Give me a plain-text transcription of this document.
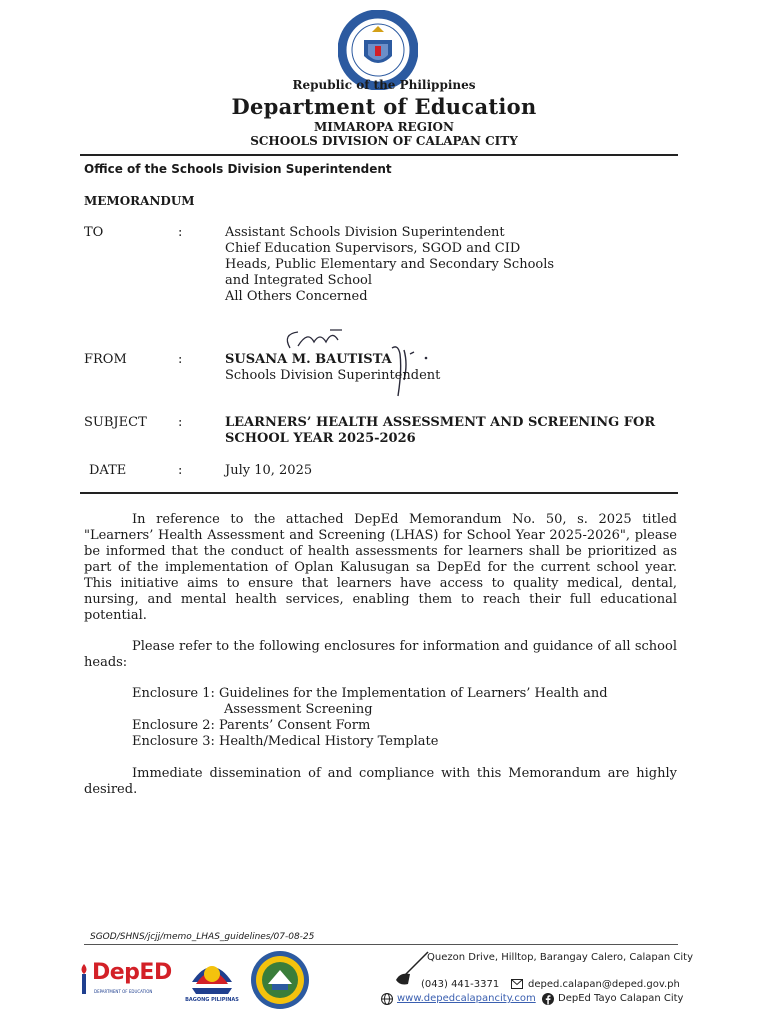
Republic of the Philippines
Department of Education
MIMAROPA REGION
SCHOOLS DIVISION OF CALAPAN CITY
Office of the Schools Division Superintendent
MEMORANDUM
TO	:	Assistant Schools Division Superintendent
Chief Education Supervisors, SGOD and CID
Heads, Public Elementary and Secondary Schools
and Integrated School
All Others Concerned
FROM	:	SUSANA M. BAUTISTA
Schools Division Superintendent
SUBJECT :	LEARNERS’ HEALTH ASSESSMENT AND SCREENING FOR
SCHOOL YEAR 2025-2026
DATE	:	July 10, 2025
In reference to the attached DepEd Memorandum No. 50, s. 2025 titled "Learners’ Health Assessment and Screening (LHAS) for School Year 2025-2026", please be informed that the conduct of health assessments for learners shall be prioritized as part of the implementation of Oplan Kalusugan sa DepEd for the current school year. This initiative aims to ensure that learners have access to quality medical, dental, nursing, and mental health services, enabling them to reach their full educational potential.
Please refer to the following enclosures for information and guidance of all school heads:
Enclosure 1: Guidelines for the Implementation of Learners’ Health and
Assessment Screening
Enclosure 2: Parents’ Consent Form
Enclosure 3: Health/Medical History Template
Immediate dissemination of and compliance with this Memorandum are highly desired.
SGOD/SHNS/jcjj/memo_LHAS_guidelines/07-08-25
DepED
DEPARTMENT OF EDUCATION
BAGONG PILIPINAS
Quezon Drive, Hilltop, Barangay Calero, Calapan City
(043) 441-3371	deped.calapan@deped.gov.ph
www.depedcalapancity.com DepEd Tayo Calapan City
